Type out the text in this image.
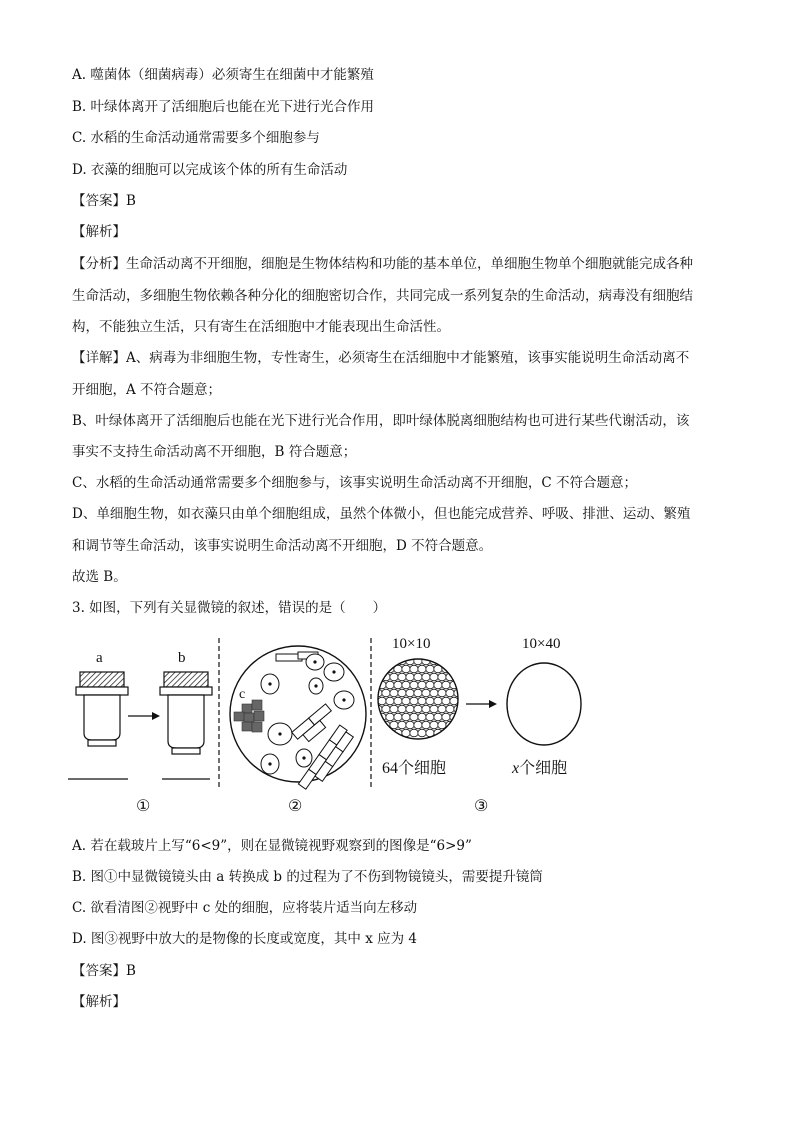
A. 噬菌体（细菌病毒）必须寄生在细菌中才能繁殖
B. 叶绿体离开了活细胞后也能在光下进行光合作用
C. 水稻的生命活动通常需要多个细胞参与
D. 衣藻的细胞可以完成该个体的所有生命活动
【答案】B
【解析】
【分析】生命活动离不开细胞，细胞是生物体结构和功能的基本单位，单细胞生物单个细胞就能完成各种
生命活动，多细胞生物依赖各种分化的细胞密切合作，共同完成一系列复杂的生命活动，病毒没有细胞结
构，不能独立生活，只有寄生在活细胞中才能表现出生命活性。
【详解】A、病毒为非细胞生物，专性寄生，必须寄生在活细胞中才能繁殖，该事实能说明生命活动离不
开细胞，A 不符合题意；
B、叶绿体离开了活细胞后也能在光下进行光合作用，即叶绿体脱离细胞结构也可进行某些代谢活动，该
事实不支持生命活动离不开细胞，B 符合题意；
C、水稻的生命活动通常需要多个细胞参与，该事实说明生命活动离不开细胞，C 不符合题意；
D、单细胞生物，如衣藻只由单个细胞组成，虽然个体微小，但也能完成营养、呼吸、排泄、运动、繁殖
和调节等生命活动，该事实说明生命活动离不开细胞，D 不符合题意。
故选 B。
3. 如图，下列有关显微镜的叙述，错误的是（　　）
a	b
c
10×10	10×40
64个细胞	x个细胞
①	②	③
A. 若在载玻片上写“6<9”，则在显微镜视野观察到的图像是“6>9”
B. 图①中显微镜镜头由 a 转换成 b 的过程为了不伤到物镜镜头，需要提升镜筒
C. 欲看清图②视野中 c 处的细胞，应将装片适当向左移动
D. 图③视野中放大的是物像的长度或宽度，其中 x 应为 4
【答案】B
【解析】
